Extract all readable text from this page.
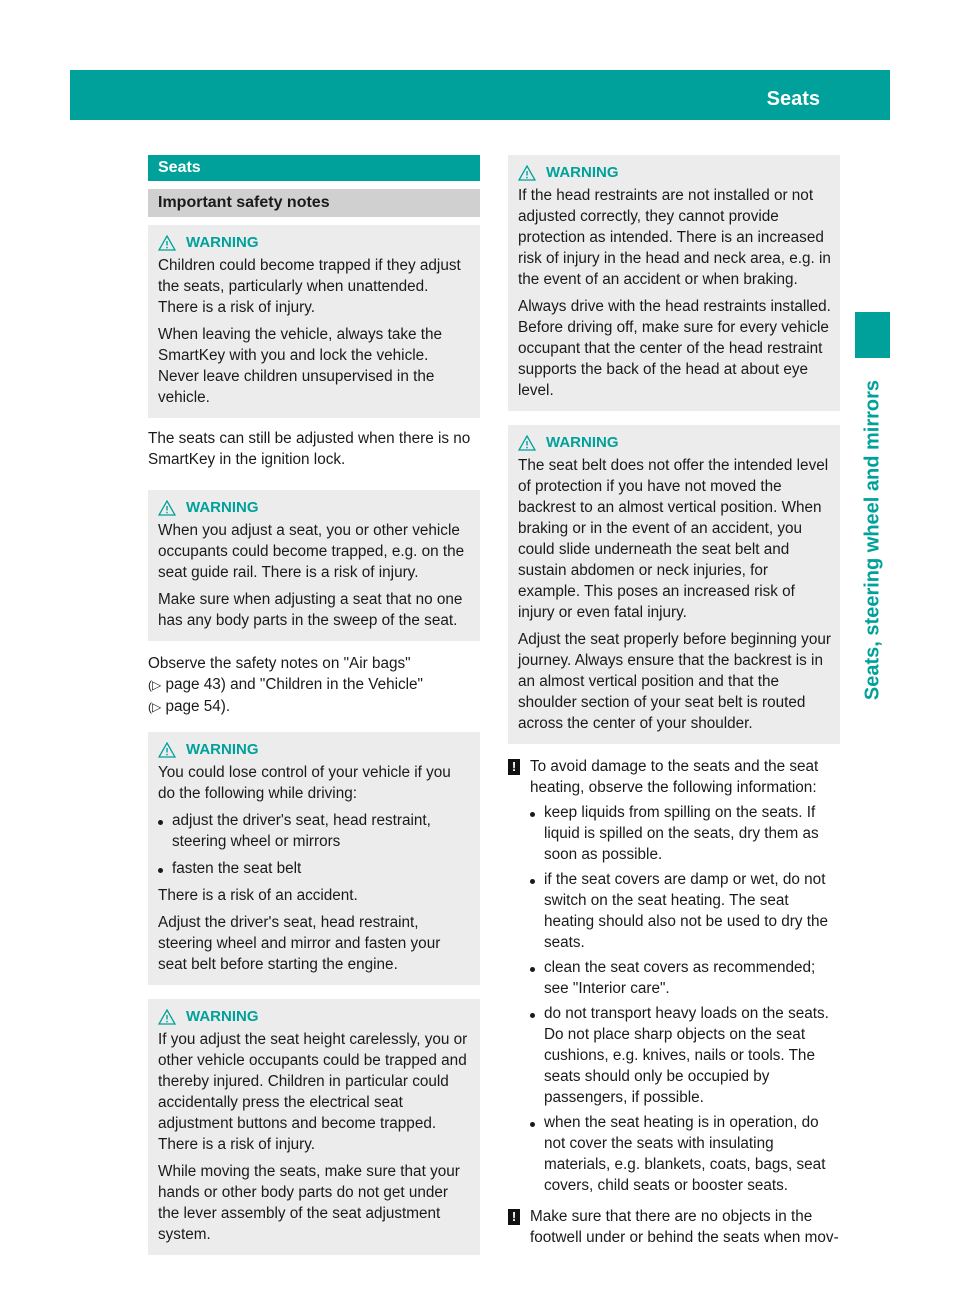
Seats	95
Seats, steering wheel and mirrors
Seats
Important safety notes
WARNING

Children could become trapped if they adjust the seats, particularly when unattended. There is a risk of injury.

When leaving the vehicle, always take the SmartKey with you and lock the vehicle. Never leave children unsupervised in the vehicle.

The seats can still be adjusted when there is no SmartKey in the ignition lock.

WARNING

When you adjust a seat, you or other vehicle occupants could become trapped, e.g. on the seat guide rail. There is a risk of injury.

Make sure when adjusting a seat that no one has any body parts in the sweep of the seat.

Observe the safety notes on "Air bags"
(▷ page 43) and "Children in the Vehicle"
(▷ page 54).
WARNING

You could lose control of your vehicle if you do the following while driving:

adjust the driver's seat, head restraint, steering wheel or mirrors
fasten the seat belt

There is a risk of an accident.

Adjust the driver's seat, head restraint, steering wheel and mirror and fasten your seat belt before starting the engine.

WARNING

If you adjust the seat height carelessly, you or other vehicle occupants could be trapped and thereby injured. Children in particular could accidentally press the electrical seat adjustment buttons and become trapped. There is a risk of injury.

While moving the seats, make sure that your hands or other body parts do not get under the lever assembly of the seat adjustment system.

WARNING

If the head restraints are not installed or not adjusted correctly, they cannot provide protection as intended. There is an increased risk of injury in the head and neck area, e.g. in the event of an accident or when braking.

Always drive with the head restraints installed. Before driving off, make sure for every vehicle occupant that the center of the head restraint supports the back of the head at about eye level.

WARNING

The seat belt does not offer the intended level of protection if you have not moved the backrest to an almost vertical position. When braking or in the event of an accident, you could slide underneath the seat belt and sustain abdomen or neck injuries, for example. This poses an increased risk of injury or even fatal injury.

Adjust the seat properly before beginning your journey. Always ensure that the backrest is in an almost vertical position and that the shoulder section of your seat belt is routed across the center of your shoulder.

! To avoid damage to the seats and the seat heating, observe the following information:

keep liquids from spilling on the seats. If liquid is spilled on the seats, dry them as soon as possible.
if the seat covers are damp or wet, do not switch on the seat heating. The seat heating should also not be used to dry the seats.
clean the seat covers as recommended; see "Interior care".
do not transport heavy loads on the seats. Do not place sharp objects on the seat cushions, e.g. knives, nails or tools. The seats should only be occupied by passengers, if possible.
when the seat heating is in operation, do not cover the seats with insulating materials, e.g. blankets, coats, bags, seat covers, child seats or booster seats.
! Make sure that there are no objects in the footwell under or behind the seats when mov-
